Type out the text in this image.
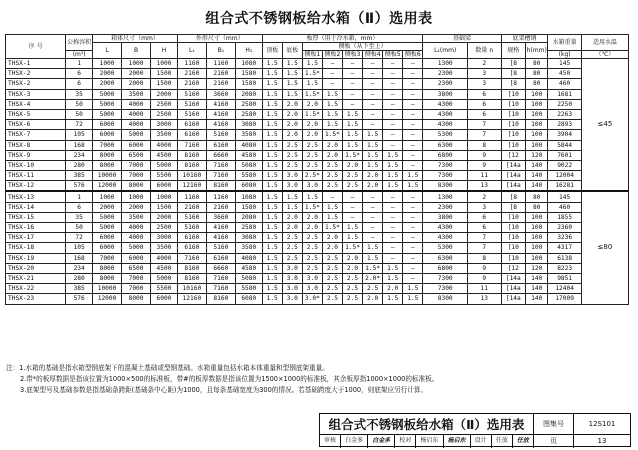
组合式不锈钢板给水箱（Ⅱ）选用表
序 号	公称容积	箱体尺寸（mm）			外形尺寸（mm）			板厚（用于冷水箱，mm）								基础梁		底架槽钢		水箱重量	适用水温
		L	B	H	L₁	B₁	H₁	顶板	底板	侧板（从下至上）						L₁(mm)	数量 n	规格	h(mm)		
	(m³)									侧板1	侧板2	侧板3	侧板4	侧板5	侧板6					(kg)	（℃）
THSX-1	1	1000	1000	1000	1160	1160	1080	1.5	1.5	1.5	—	—	—	—	—	1300	2	[8	80	145	≤45
THSX-2	6	2000	2000	1500	2160	2160	1580	1.5	1.5	1.5*	—	—	—	—	—	2300	3	[8	80	450	
THSX-2	6	2000	2000	1500	2160	2160	1580	1.5	1.5	1.5	—	—	—	—	—	2300	3	[8	80	460	
THSX-3	35	5000	3500	2000	5160	3660	2080	1.5	1.5	1.5*	1.5	—	—	—	—	3800	6	[10	100	1681	
THSX-4	50	5000	4000	2500	5160	4160	2580	1.5	2.0	2.0	1.5	—	—	—	—	4300	6	[10	100	2250	
THSX-5	50	5000	4000	2500	5160	4160	2580	1.5	2.0	1.5*	1.5	1.5	—	—	—	4300	6	[10	100	2263	
THSX-6	72	6000	4000	3000	6160	4160	3080	1.5	2.0	2.0	1.5	1.5	—	—	—	4300	7	[10	100	2893	
THSX-7	105	6000	5000	3500	6160	5160	3580	1.5	2.0	2.0	1.5*	1.5	1.5	—	—	5300	7	[10	100	3904	
THSX-8	168	7000	6000	4000	7160	6160	4080	1.5	2.5	2.5	2.0	1.5	1.5	—	—	6300	8	[10	100	5844	
THSX-9	234	8000	6500	4500	8160	6660	4580	1.5	2.5	2.5	2.0	1.5*	1.5	1.5	—	6800	9	[12	120	7601	
THSX-10	280	8000	7000	5000	8160	7160	5080	1.5	2.5	2.5	2.5	2.0	1.5	1.5	—	7300	9	[14a	140	9022	
THSX-11	385	10000	7000	5500	10160	7160	5580	1.5	3.0	2.5*	2.5	2.5	2.0	1.5	1.5	7300	11	[14a	140	12004	
THSX-12	576	12000	8000	6000	12160	8160	6080	1.5	3.0	3.0	2.5	2.5	2.0	1.5	1.5	8300	13	[14a	140	16281	
THSX-13	1	1000	1000	1000	1160	1160	1080	1.5	1.5	1.5	—	—	—	—	—	1300	2	[8	80	145	≤80
THSX-14	6	2000	2000	1500	2160	2160	1580	1.5	1.5	1.5*	1.5	—	—	—	—	2300	3	[8	80	460	
THSX-15	35	5000	3500	2000	5160	3660	2080	1.5	2.0	2.0	1.5	—	—	—	—	3800	6	[10	100	1855	
THSX-16	50	5000	4000	2500	5160	4160	2580	1.5	2.0	2.0	1.5*	1.5	—	—	—	4300	6	[10	100	2360	
THSX-17	72	6000	4000	3000	6160	4160	3080	1.5	2.5	2.5	2.0	1.5	—	—	—	4300	7	[10	100	3236	
THSX-18	105	6000	5000	3500	6160	5160	3580	1.5	2.5	2.5	2.0	1.5*	1.5	—	—	5300	7	[10	100	4317	
THSX-19	168	7000	6000	4000	7160	6160	4080	1.5	2.5	2.5	2.5	2.0	1.5	—	—	6300	8	[10	100	6138	
THSX-20	234	8000	6500	4500	8160	6660	4580	1.5	3.0	2.5	2.5	2.0	1.5*	1.5	—	6800	9	[12	120	8223	
THSX-21	280	8000	7000	5000	8160	7160	5080	1.5	3.0	3.0	2.5	2.5	2.0*	1.5	—	7300	9	[14a	140	9851	
THSX-22	385	10000	7000	5500	10160	7160	5580	1.5	3.0	3.0	2.5	2.5	2.5	2.0	1.5	7300	11	[14a	140	12404	
THSX-23	576	12000	8000	6000	12160	8160	6080	1.5	3.0	3.0*	2.5	2.5	2.0	1.5	1.5	8300	13	[14a	140	17009	
注：1.水箱的基础是指水箱型钢底架下的混凝土基础或型钢基础。水箱重量包括水箱本体重量和型钢底架重量。
2.带*的板厚数据是指该位置为1000×500的标准板，带#的板厚数据是指该位置为1500×1000的标准板，其余板厚指1000×1000的标准板。
3.底架型号及基础参数是指基础条跨距(基础条中心距)为1000，且每条基础宽度为300的情况。若基础跨度大于1000，则底架应另行计算。
组合式不锈钢板给水箱（Ⅱ）选用表	图集号	12S101
审核	白金多	白金多	校对	杨启东	杨启东	设计	任放	任放	页	13
